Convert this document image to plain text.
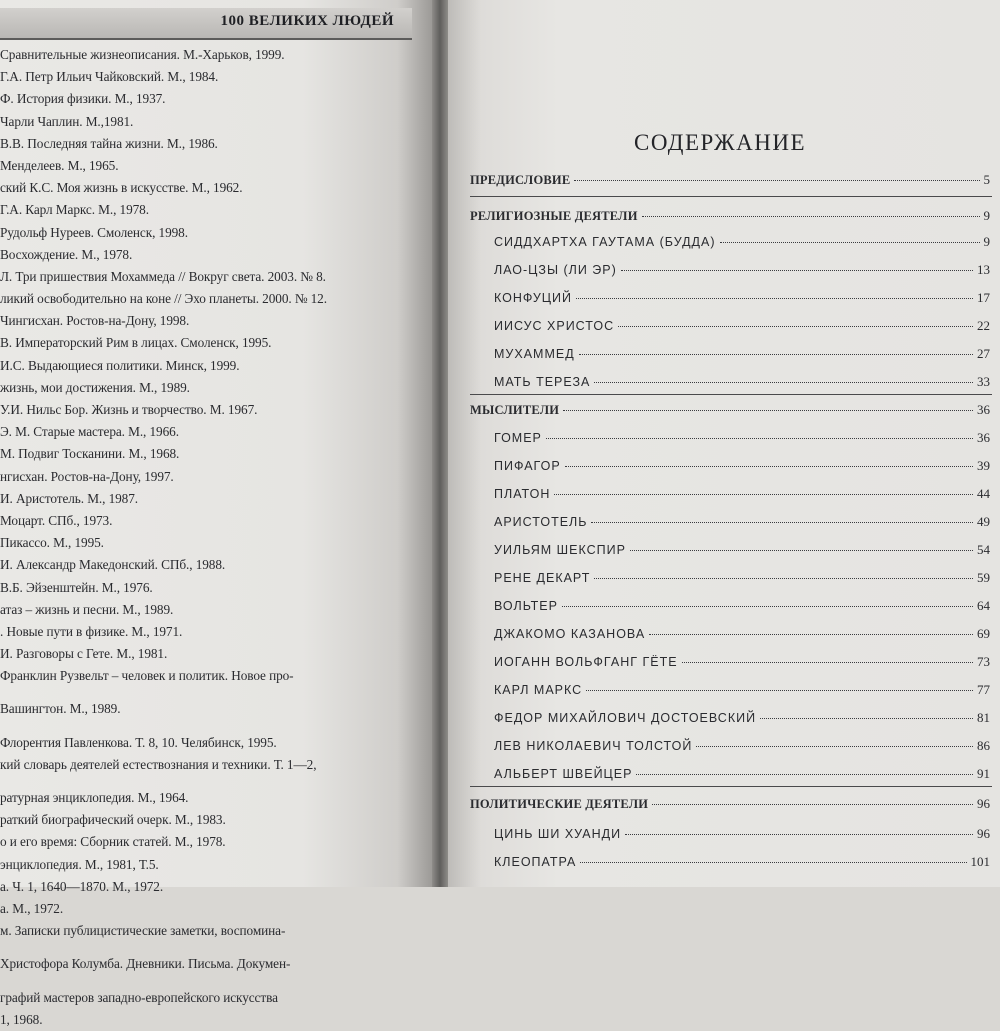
100 ВЕЛИКИХ ЛЮДЕЙ
Сравнительные жизнеописания. М.-Харьков, 1999.
Г.А. Петр Ильич Чайковский. М., 1984.
Ф. История физики. М., 1937.
Чарли Чаплин. М.,1981.
В.В. Последняя тайна жизни. М., 1986.
Менделеев. М., 1965.
ский К.С. Моя жизнь в искусстве. М., 1962.
Г.А. Карл Маркс. М., 1978.
Рудольф Нуреев. Смоленск, 1998.
Восхождение. М., 1978.
Л. Три пришествия Мохаммеда // Вокруг света. 2003. № 8.
ликий освободительно на коне // Эхо планеты. 2000. № 12.
Чингисхан. Ростов-на-Дону, 1998.
В. Императорский Рим в лицах. Смоленск, 1995.
И.С. Выдающиеся политики. Минск, 1999.
жизнь, мои достижения. М., 1989.
У.И. Нильс Бор. Жизнь и творчество. М. 1967.
Э. М. Старые мастера. М., 1966.
М. Подвиг Тосканини. М., 1968.
нгисхан. Ростов-на-Дону, 1997.
И. Аристотель. М., 1987.
Моцарт. СПб., 1973.
Пикассо. М., 1995.
И. Александр Македонский. СПб., 1988.
В.Б. Эйзенштейн. М., 1976.
атаз – жизнь и песни. М., 1989.
. Новые пути в физике. М., 1971.
И. Разговоры с Гете. М., 1981.
Франклин Рузвельт – человек и политик. Новое про-
Вашингтон. М., 1989.
Флорентия Павленкова. Т. 8, 10. Челябинск, 1995.
кий словарь деятелей естествознания и техники. Т. 1—2,
ратурная энциклопедия. М., 1964.
раткий биографический очерк. М., 1983.
о и его время: Сборник статей. М., 1978.
энциклопедия. М., 1981, Т.5.
а. Ч. 1, 1640—1870. М., 1972.
а. М., 1972.
м. Записки публицистические заметки, воспомина-
Христофора Колумба. Дневники. Письма. Докумен-
графий мастеров западно-европейского искусства
1, 1968.
СОДЕРЖАНИЕ
ПРЕДИСЛОВИЕ	5
РЕЛИГИОЗНЫЕ ДЕЯТЕЛИ	9
СИДДХАРТХА ГАУТАМА (БУДДА)	9
ЛАО-ЦЗЫ (ЛИ ЭР)	13
КОНФУЦИЙ	17
ИИСУС ХРИСТОС	22
МУХАММЕД	27
МАТЬ ТЕРЕЗА	33
МЫСЛИТЕЛИ	36
ГОМЕР	36
ПИФАГОР	39
ПЛАТОН	44
АРИСТОТЕЛЬ	49
УИЛЬЯМ ШЕКСПИР	54
РЕНЕ ДЕКАРТ	59
ВОЛЬТЕР	64
ДЖАКОМО КАЗАНОВА	69
ИОГАНН ВОЛЬФГАНГ ГЁТЕ	73
КАРЛ МАРКС	77
ФЕДОР МИХАЙЛОВИЧ ДОСТОЕВСКИЙ	81
ЛЕВ НИКОЛАЕВИЧ ТОЛСТОЙ	86
АЛЬБЕРТ ШВЕЙЦЕР	91
ПОЛИТИЧЕСКИЕ ДЕЯТЕЛИ	96
ЦИНЬ ШИ ХУАНДИ	96
КЛЕОПАТРА	101
